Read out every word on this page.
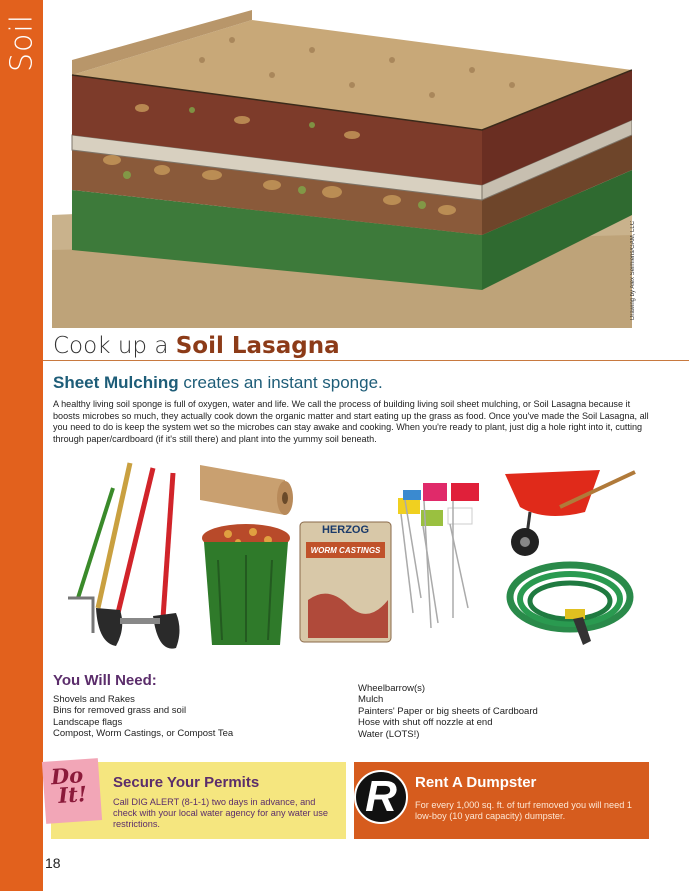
Soil
Drawing by Alex Seimiens/GAM, LLC
Cook up a Soil Lasagna
Sheet Mulching creates an instant sponge.

A healthy living soil sponge is full of oxygen, water and life. We call the process of building living soil sheet mulching, or Soil Lasagna because it boosts microbes so much, they actually cook down the organic matter and start eating up the grass as food. Once you've made the Soil Lasagna, all you need to do is keep the system wet so the microbes can stay awake and cooking. When you're ready to plant, just dig a hole right into it, cutting through paper/cardboard (if it's still there) and plant into the yummy soil beneath.

HERZOG
WORM CASTINGS
You Will Need:
Shovels and Rakes
Bins for removed grass and soil
Landscape flags
Compost, Worm Castings, or Compost Tea
Wheelbarrow(s)
Mulch
Painters' Paper or big sheets of Cardboard
Hose with shut off nozzle at end
Water (LOTS!)
Do
It!	Secure Your Permits
Call DIG ALERT (8-1-1) two days in advance, and check with your local water agency for any water use restrictions.
R	Rent A Dumpster
For every 1,000 sq. ft. of turf removed you will need 1 low-boy (10 yard capacity) dumpster.
18
